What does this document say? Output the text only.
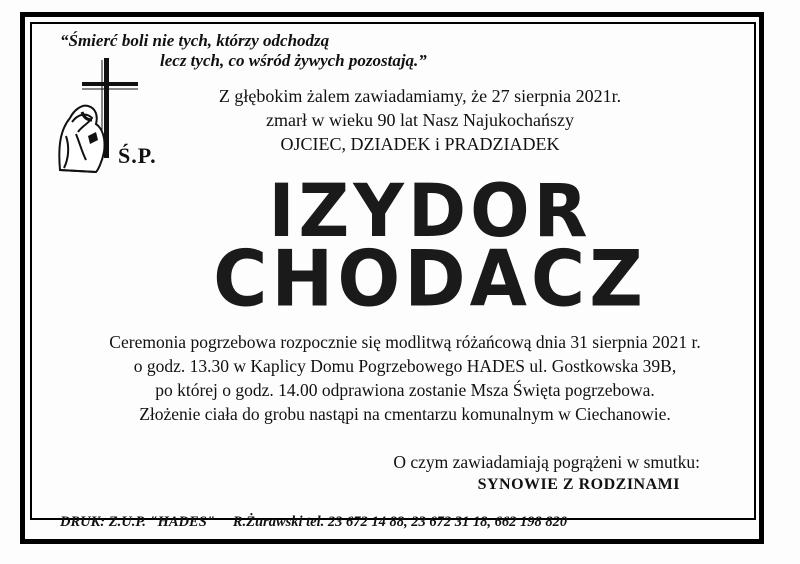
“Śmierć boli nie tych, którzy odchodzą
lecz tych, co wśród żywych pozostają.”
Ś.P.
Z głębokim żalem zawiadamiamy, że 27 sierpnia 2021r.
zmarł w wieku 90 lat Nasz Najukochańszy
OJCIEC, DZIADEK i PRADZIADEK
IZYDOR
CHODACZ
Ceremonia pogrzebowa rozpocznie się modlitwą różańcową dnia 31 sierpnia 2021 r.
o godz. 13.30 w Kaplicy Domu Pogrzebowego HADES ul. Gostkowska 39B,
po której o godz. 14.00 odprawiona zostanie Msza Święta pogrzebowa.
Złożenie ciała do grobu nastąpi na cmentarzu komunalnym w Ciechanowie.
O czym zawiadamiają pogrążeni w smutku:
SYNOWIE Z RODZINAMI
DRUK: Z.U.P. "HADES" R.Żurawski tel. 23 672 14 88, 23 672 31 18, 662 198 820
